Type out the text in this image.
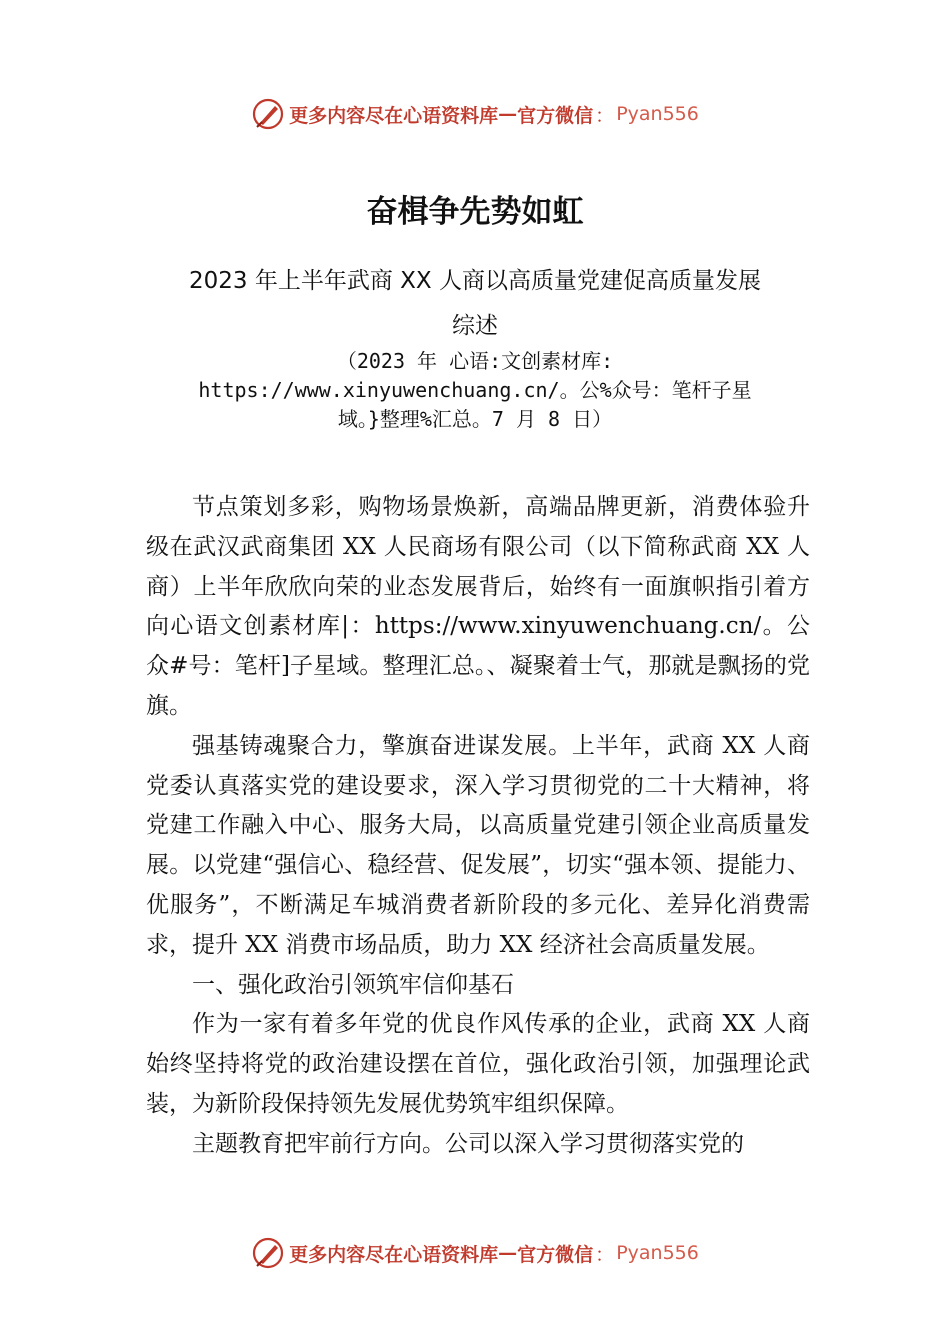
更多内容尽在心语资料库 — 官方微信 ： Pyan556
奋楫争先势如虹
2023 年上半年武商 XX 人商以高质量党建促高质量发展
综述
（2023 年 心语:文创素材库:
https://www.xinyuwenchuang.cn/。公%众号：笔杆子星
域。}整理%汇总。7 月 8 日）

节点策划多彩，购物场景焕新，高端品牌更新，消费体验升级在武汉武商集团 XX 人民商场有限公司（以下简称武商 XX 人商）上半年欣欣向荣的业态发展背后，始终有一面旗帜指引着方向心语文创素材库|：https://www.xinyuwenchuang.cn/。公众#号：笔杆]子星域。整理汇总。、凝聚着士气，那就是飘扬的党旗。

强基铸魂聚合力，擎旗奋进谋发展。上半年，武商 XX 人商党委认真落实党的建设要求，深入学习贯彻党的二十大精神，将党建工作融入中心、服务大局，以高质量党建引领企业高质量发展。以党建“强信心、稳经营、促发展”，切实“强本领、提能力、优服务”，不断满足车城消费者新阶段的多元化、差异化消费需求，提升 XX 消费市场品质，助力 XX 经济社会高质量发展。

一、强化政治引领筑牢信仰基石

作为一家有着多年党的优良作风传承的企业，武商 XX 人商始终坚持将党的政治建设摆在首位，强化政治引领，加强理论武装，为新阶段保持领先发展优势筑牢组织保障。

主题教育把牢前行方向。公司以深入学习贯彻落实党的

更多内容尽在心语资料库 — 官方微信 ： Pyan556
